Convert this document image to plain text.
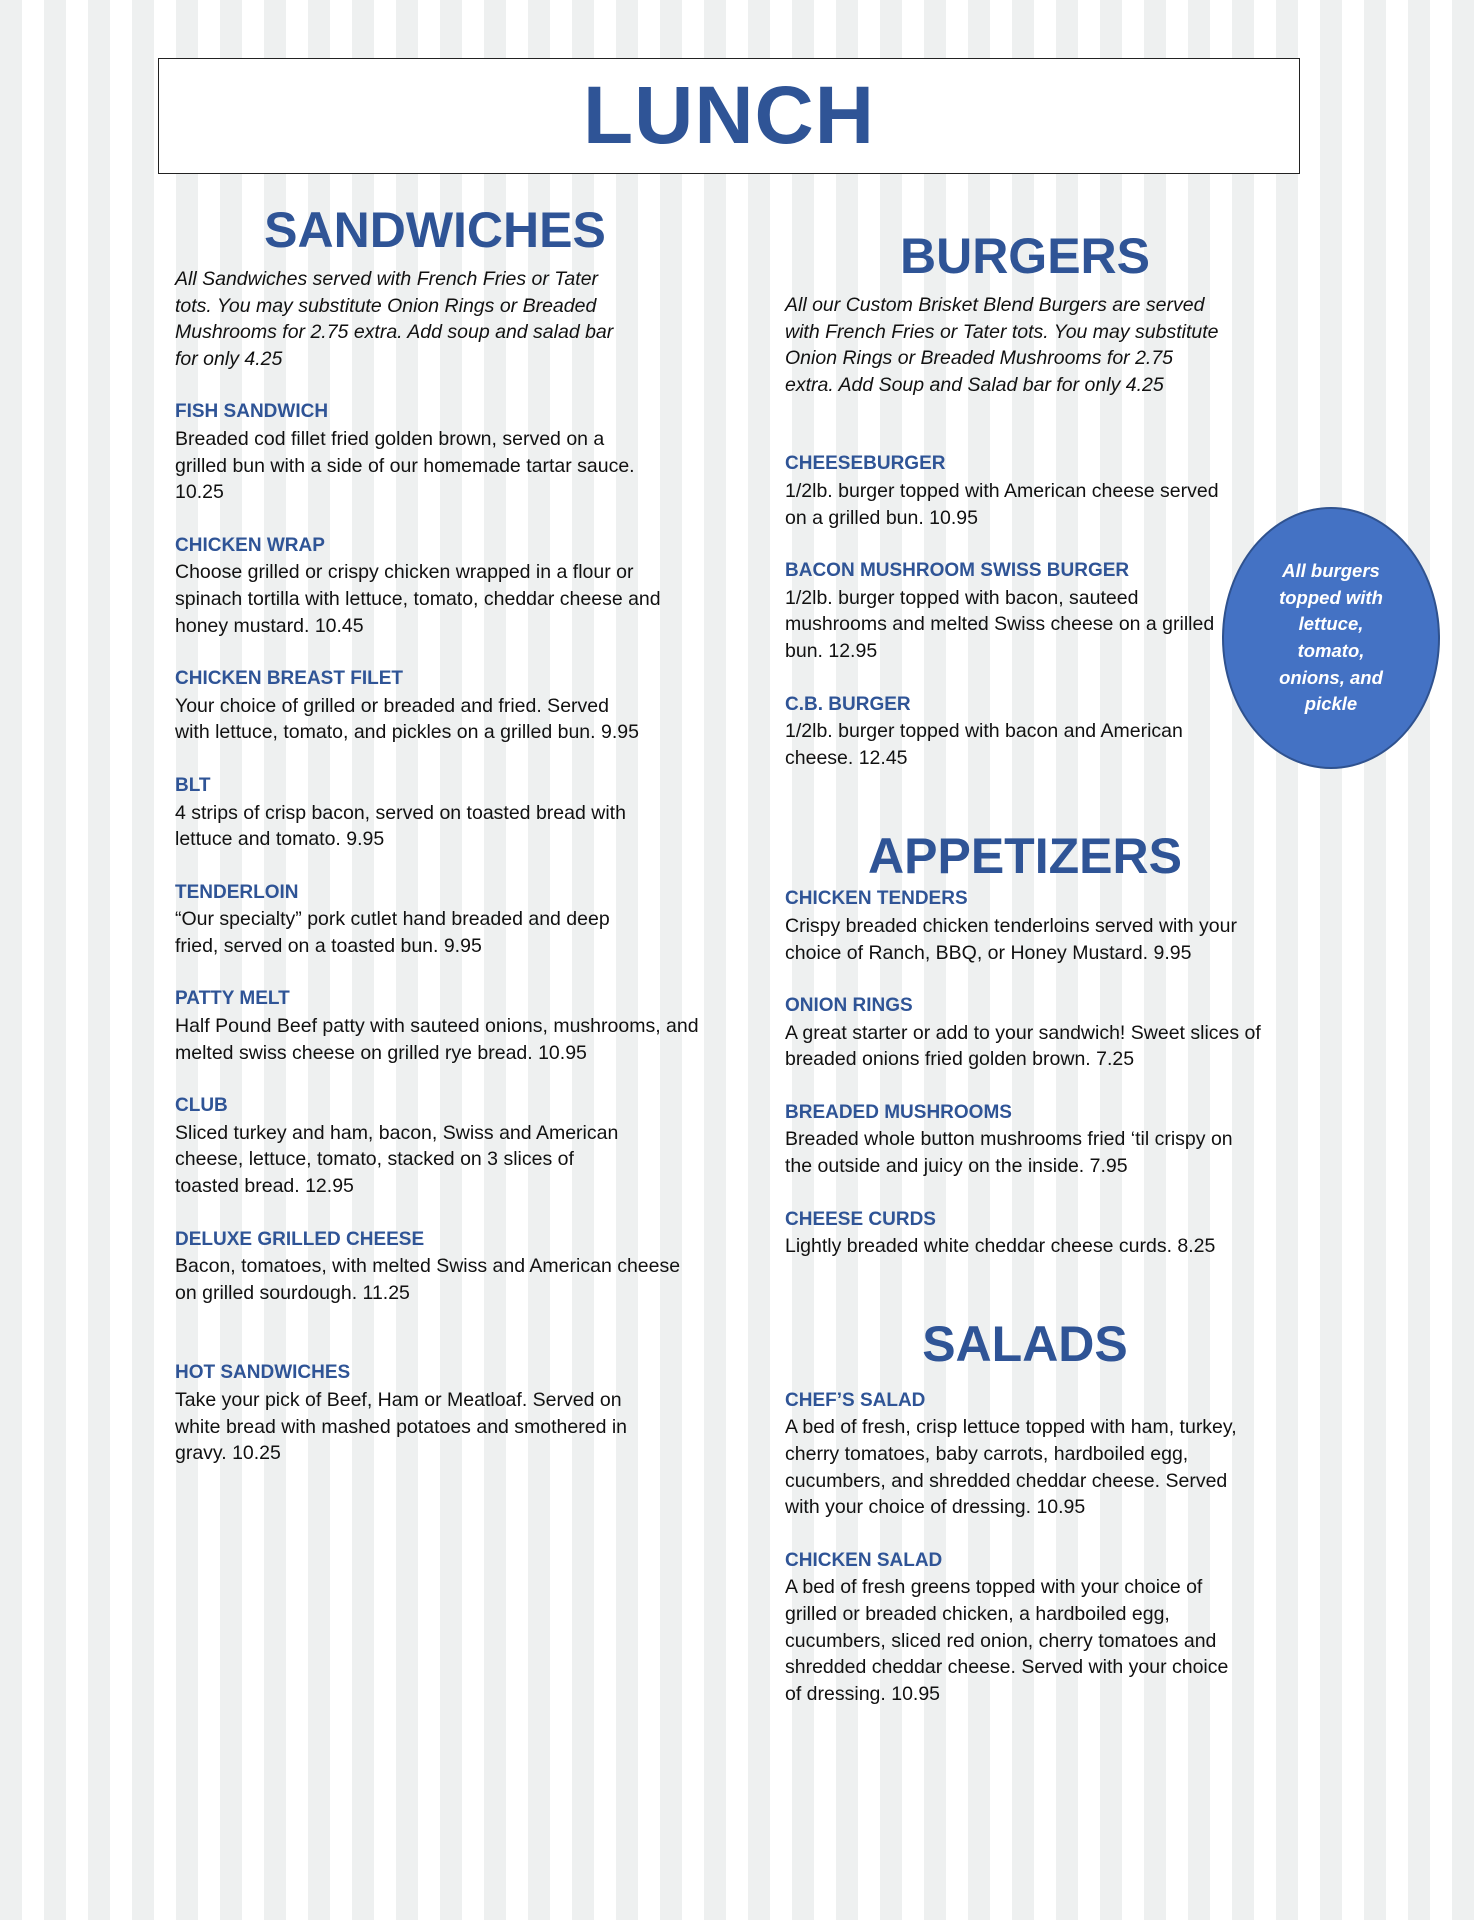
LUNCH
SANDWICHES

All Sandwiches served with French Fries or Tater tots. You may substitute Onion Rings or Breaded Mushrooms for 2.75 extra. Add soup and salad bar for only 4.25

FISH SANDWICH
Breaded cod fillet fried golden brown, served on a grilled bun with a side of our homemade tartar sauce. 10.25
CHICKEN WRAP
Choose grilled or crispy chicken wrapped in a flour or spinach tortilla with lettuce, tomato, cheddar cheese and honey mustard. 10.45
CHICKEN BREAST FILET
Your choice of grilled or breaded and fried. Served with lettuce, tomato, and pickles on a grilled bun. 9.95
BLT
4 strips of crisp bacon, served on toasted bread with lettuce and tomato. 9.95
TENDERLOIN
“Our specialty” pork cutlet hand breaded and deep fried, served on a toasted bun. 9.95
PATTY MELT
Half Pound Beef patty with sauteed onions, mushrooms, and
melted swiss cheese on grilled rye bread. 10.95
CLUB
Sliced turkey and ham, bacon, Swiss and American cheese, lettuce, tomato, stacked on 3 slices of toasted bread. 12.95
DELUXE GRILLED CHEESE
Bacon, tomatoes, with melted Swiss and American cheese on grilled sourdough. 11.25
HOT SANDWICHES
Take your pick of Beef, Ham or Meatloaf. Served on white bread with mashed potatoes and smothered in gravy. 10.25
BURGERS

All our Custom Brisket Blend Burgers are served with French Fries or Tater tots. You may substitute Onion Rings or Breaded Mushrooms for 2.75 extra. Add Soup and Salad bar for only 4.25

CHEESEBURGER
1/2lb. burger topped with American cheese served on a grilled bun. 10.95
BACON MUSHROOM SWISS BURGER
1/2lb. burger topped with bacon, sauteed mushrooms and melted Swiss cheese on a grilled bun. 12.95
C.B. BURGER
1/2lb. burger topped with bacon and American cheese. 12.45
APPETIZERS
CHICKEN TENDERS
Crispy breaded chicken tenderloins served with your choice of Ranch, BBQ, or Honey Mustard. 9.95
ONION RINGS
A great starter or add to your sandwich! Sweet slices of breaded onions fried golden brown. 7.25
BREADED MUSHROOMS
Breaded whole button mushrooms fried ‘til crispy on the outside and juicy on the inside. 7.95
CHEESE CURDS
Lightly breaded white cheddar cheese curds. 8.25
SALADS
CHEF’S SALAD
A bed of fresh, crisp lettuce topped with ham, turkey, cherry tomatoes, baby carrots, hardboiled egg, cucumbers, and shredded cheddar cheese. Served with your choice of dressing. 10.95
CHICKEN SALAD
A bed of fresh greens topped with your choice of grilled or breaded chicken, a hardboiled egg, cucumbers, sliced red onion, cherry tomatoes and shredded cheddar cheese. Served with your choice of dressing. 10.95
All burgers topped with lettuce, tomato, onions, and pickle
